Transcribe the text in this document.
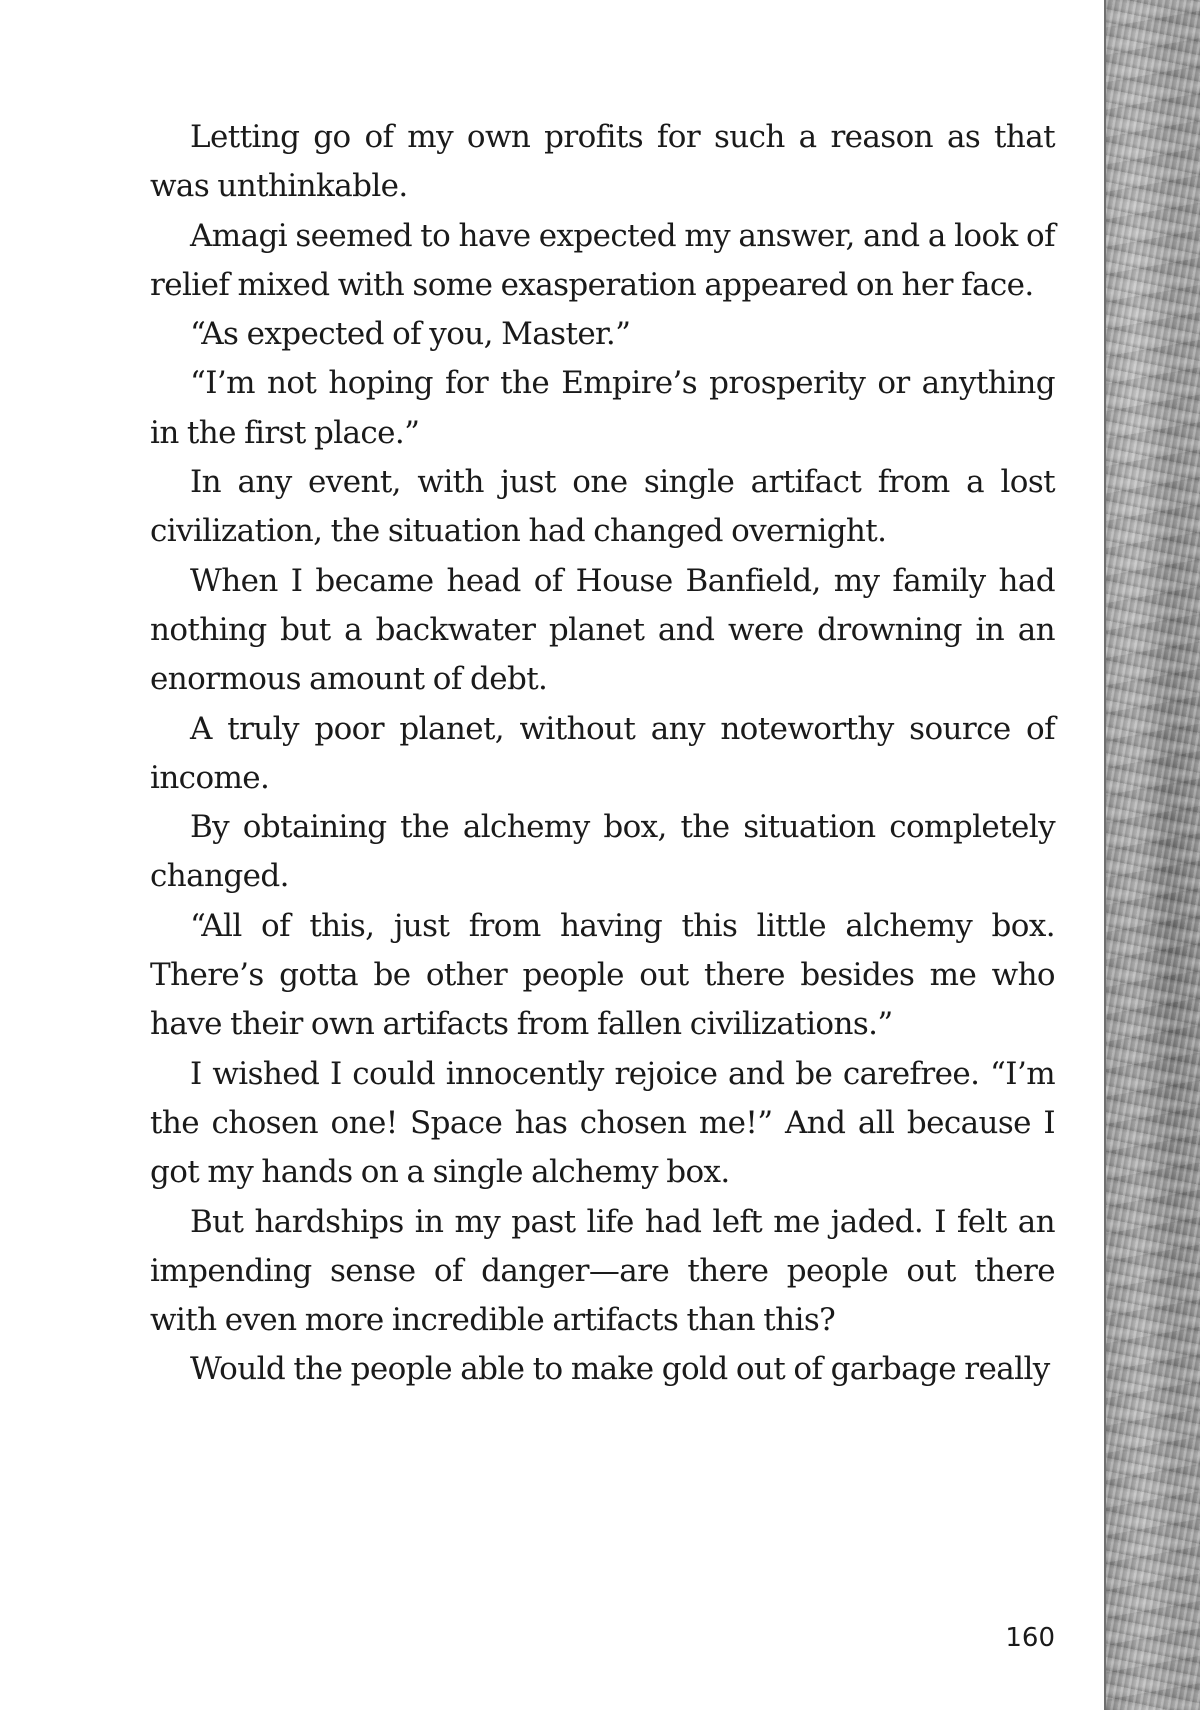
Letting go of my own profits for such a reason as that was unthinkable.

Amagi seemed to have expected my answer, and a look of relief mixed with some exasperation appeared on her face.

“As expected of you, Master.”

“I’m not hoping for the Empire’s prosperity or anything in the first place.”

In any event, with just one single artifact from a lost civilization, the situation had changed overnight.

When I became head of House Banfield, my family had nothing but a backwater planet and were drowning in an enormous amount of debt.

A truly poor planet, without any noteworthy source of income.

By obtaining the alchemy box, the situation completely changed.

“All of this, just from having this little alchemy box. There’s gotta be other people out there besides me who have their own artifacts from fallen civilizations.”

I wished I could innocently rejoice and be carefree. “I’m the chosen one! Space has chosen me!” And all because I got my hands on a single alchemy box.

But hardships in my past life had left me jaded. I felt an impending sense of danger—are there people out there with even more incredible artifacts than this?

Would the people able to make gold out of garbage really

160
